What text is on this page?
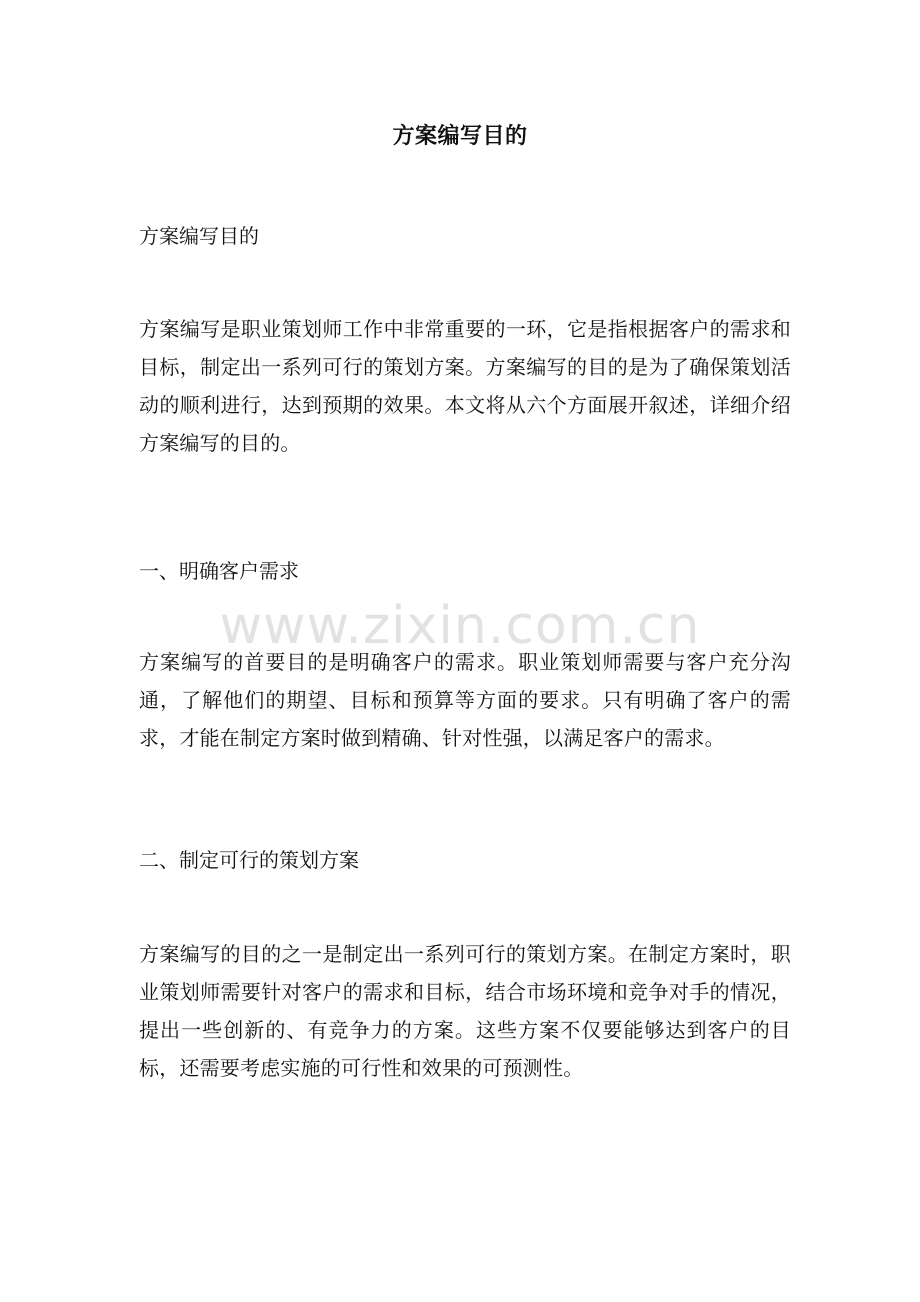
方案编写目的
方案编写目的
方案编写是职业策划师工作中非常重要的一环，它是指根据客户的需求和目标，制定出一系列可行的策划方案。方案编写的目的是为了确保策划活动的顺利进行，达到预期的效果。本文将从六个方面展开叙述，详细介绍方案编写的目的。
一、明确客户需求
方案编写的首要目的是明确客户的需求。职业策划师需要与客户充分沟通，了解他们的期望、目标和预算等方面的要求。只有明确了客户的需求，才能在制定方案时做到精确、针对性强，以满足客户的需求。
二、制定可行的策划方案
方案编写的目的之一是制定出一系列可行的策划方案。在制定方案时，职业策划师需要针对客户的需求和目标，结合市场环境和竞争对手的情况，提出一些创新的、有竞争力的方案。这些方案不仅要能够达到客户的目标，还需要考虑实施的可行性和效果的可预测性。
www.zixin.com.cn
